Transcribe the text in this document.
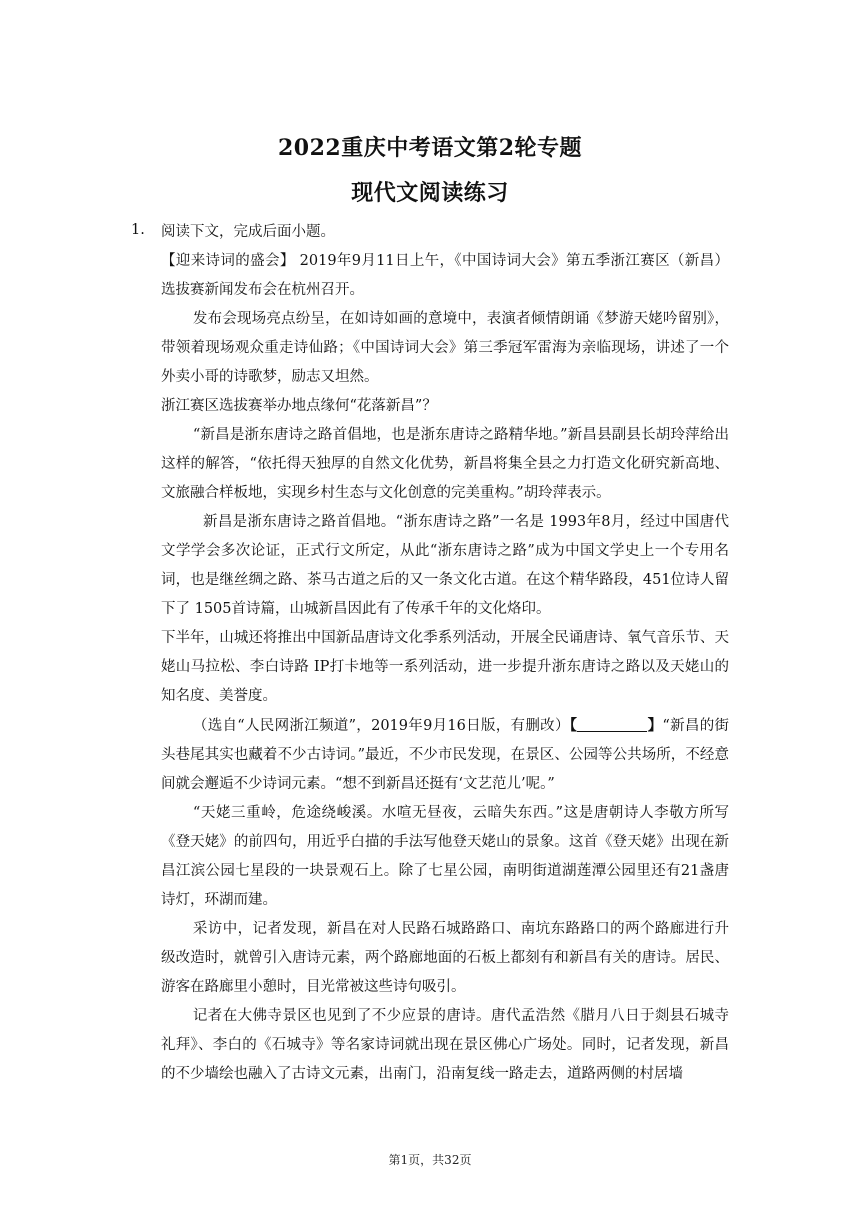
2022重庆中考语文第2轮专题
现代文阅读练习
1. 阅读下文，完成后面小题。

【迎来诗词的盛会】 2019年9月11日上午，《中国诗词大会》第五季浙江赛区（新昌）选拔赛新闻发布会在杭州召开。

发布会现场亮点纷呈，在如诗如画的意境中，表演者倾情朗诵《梦游天姥吟留别》，带领着现场观众重走诗仙路；《中国诗词大会》第三季冠军雷海为亲临现场，讲述了一个外卖小哥的诗歌梦，励志又坦然。

浙江赛区选拔赛举办地点缘何“花落新昌”？

“新昌是浙东唐诗之路首倡地，也是浙东唐诗之路精华地。”新昌县副县长胡玲萍给出这样的解答，“依托得天独厚的自然文化优势，新昌将集全县之力打造文化研究新高地、文旅融合样板地，实现乡村生态与文化创意的完美重构。”胡玲萍表示。

新昌是浙东唐诗之路首倡地。“浙东唐诗之路”一名是 1993年8月，经过中国唐代文学学会多次论证，正式行文所定，从此“浙东唐诗之路”成为中国文学史上一个专用名词，也是继丝绸之路、茶马古道之后的又一条文化古道。在这个精华路段，451位诗人留下了 1505首诗篇，山城新昌因此有了传承千年的文化烙印。

下半年，山城还将推出中国新品唐诗文化季系列活动，开展全民诵唐诗、氧气音乐节、天姥山马拉松、李白诗路 IP打卡地等一系列活动，进一步提升浙东唐诗之路以及天姥山的知名度、美誉度。

（选自“人民网浙江频道”，2019年9月16日版，有删改）【	】“新昌的街头巷尾其实也藏着不少古诗词。”最近，不少市民发现，在景区、公园等公共场所，不经意间就会邂逅不少诗词元素。“想不到新昌还挺有‘文艺范儿’呢。”

“天姥三重岭，危途绕峻溪。水喧无昼夜，云暗失东西。”这是唐朝诗人李敬方所写《登天姥》的前四句，用近乎白描的手法写他登天姥山的景象。这首《登天姥》出现在新昌江滨公园七星段的一块景观石上。除了七星公园，南明街道湖莲潭公园里还有21盏唐诗灯，环湖而建。

采访中，记者发现，新昌在对人民路石城路路口、南坑东路路口的两个路廊进行升级改造时，就曾引入唐诗元素，两个路廊地面的石板上都刻有和新昌有关的唐诗。居民、游客在路廊里小憩时，目光常被这些诗句吸引。

记者在大佛寺景区也见到了不少应景的唐诗。唐代孟浩然《腊月八日于剡县石城寺礼拜》、李白的《石城寺》等名家诗词就出现在景区佛心广场处。同时，记者发现，新昌的不少墙绘也融入了古诗文元素，出南门，沿南复线一路走去，道路两侧的村居墙

第1页，共32页
